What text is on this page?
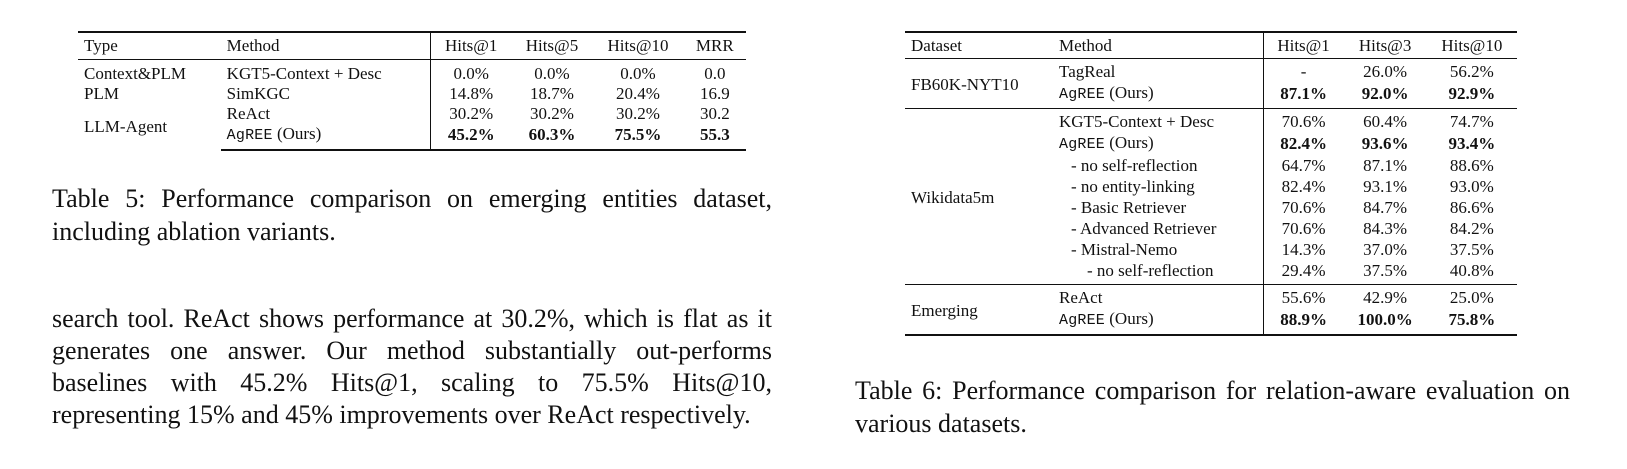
Type	Method	Hits@1	Hits@5	Hits@10	MRR
Context&PLM	KGT5-Context + Desc	0.0%	0.0%	0.0%	0.0
PLM	SimKGC	14.8%	18.7%	20.4%	16.9
LLM-Agent	ReAct	30.2%	30.2%	30.2%	30.2
	AgREE (Ours)	45.2%	60.3%	75.5%	55.3
Table 5: Performance comparison on emerging entities dataset, including ablation variants.
search tool. ReAct shows performance at 30.2%, which is flat as it generates one answer. Our method substantially out-performs baselines with 45.2% Hits@1, scaling to 75.5% Hits@10, representing 15% and 45% improvements over ReAct respectively.
Dataset	Method	Hits@1	Hits@3	Hits@10
FB60K-NYT10	TagReal	-	26.0%	56.2%
	AgREE (Ours)	87.1%	92.0%	92.9%
Wikidata5m	KGT5-Context + Desc	70.6%	60.4%	74.7%
	AgREE (Ours)	82.4%	93.6%	93.4%
	- no self-reflection	64.7%	87.1%	88.6%
	- no entity-linking	82.4%	93.1%	93.0%
	- Basic Retriever	70.6%	84.7%	86.6%
	- Advanced Retriever	70.6%	84.3%	84.2%
	- Mistral-Nemo	14.3%	37.0%	37.5%
	- no self-reflection	29.4%	37.5%	40.8%
Emerging	ReAct	55.6%	42.9%	25.0%
	AgREE (Ours)	88.9%	100.0%	75.8%
Table 6: Performance comparison for relation-aware evaluation on various datasets.
